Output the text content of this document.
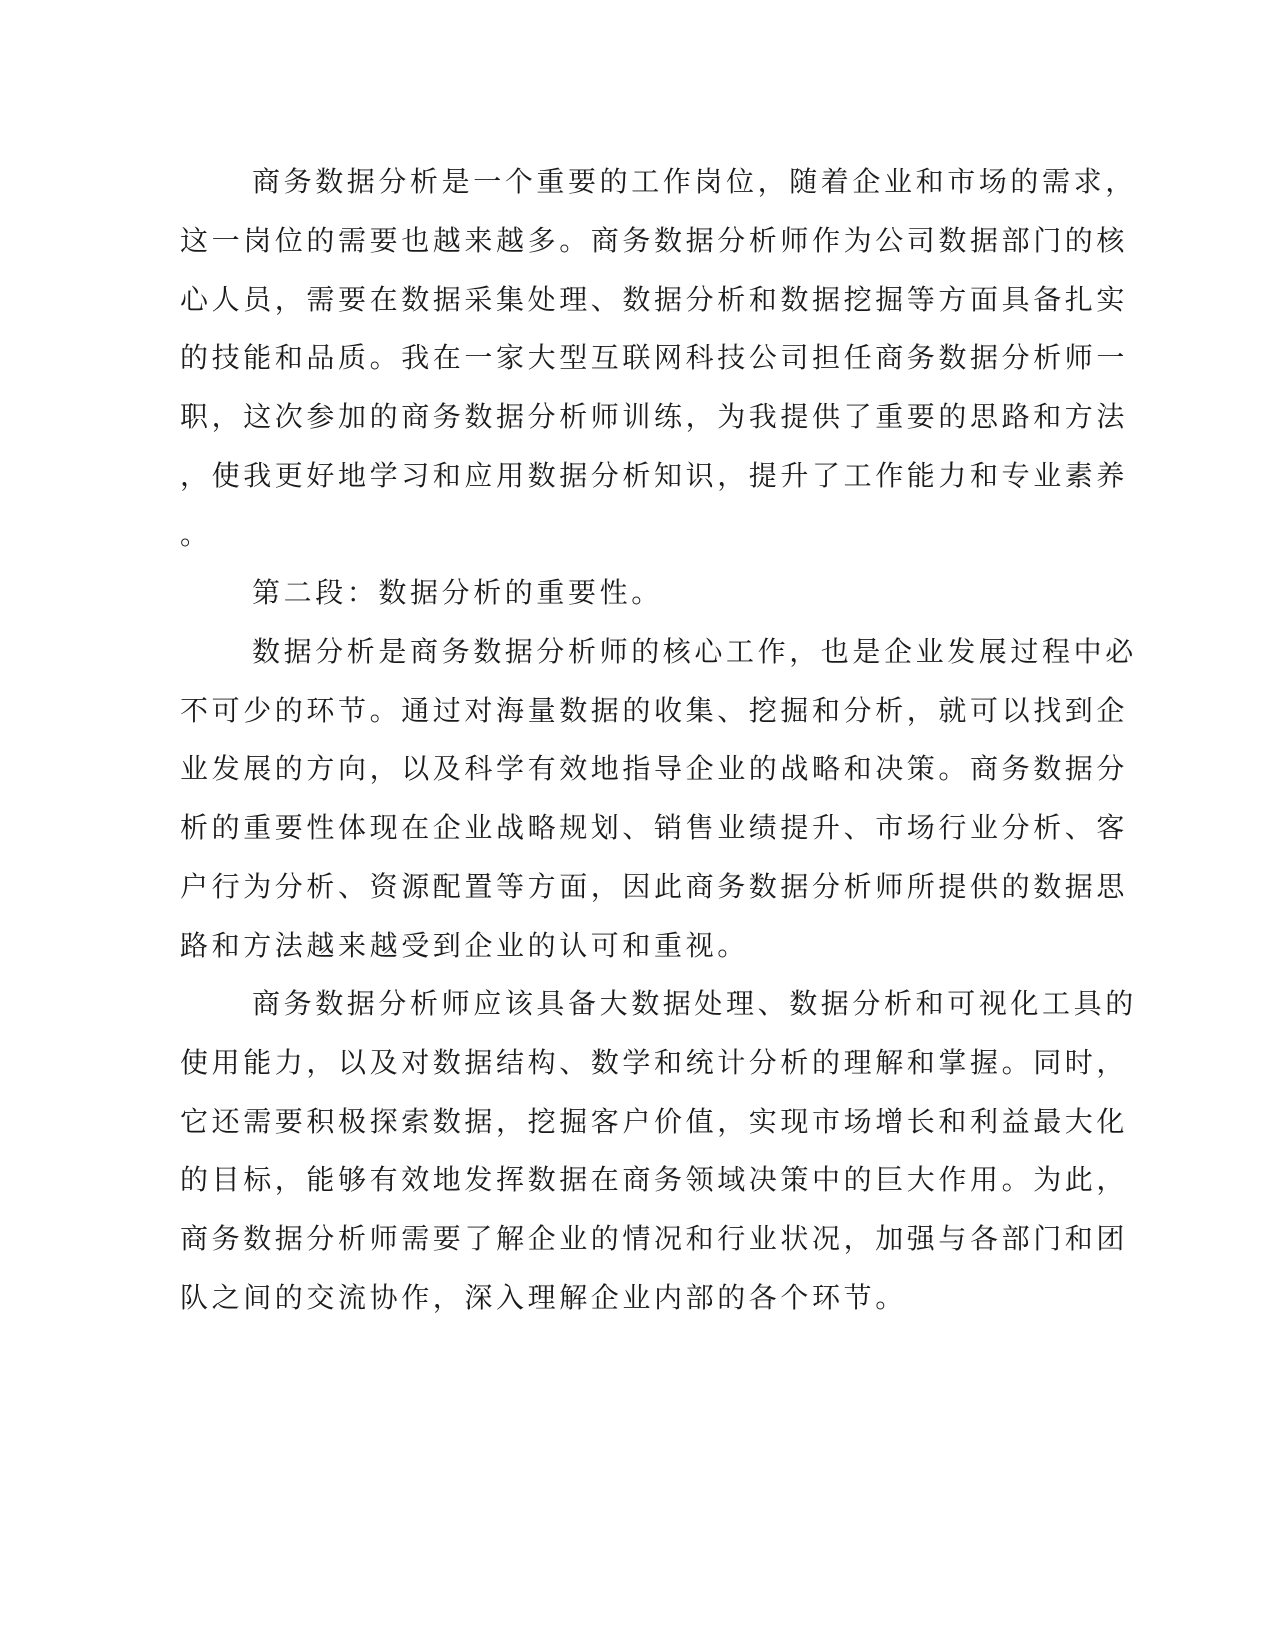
商务数据分析是一个重要的工作岗位，随着企业和市场的需求，
这一岗位的需要也越来越多。商务数据分析师作为公司数据部门的核
心人员，需要在数据采集处理、数据分析和数据挖掘等方面具备扎实
的技能和品质。我在一家大型互联网科技公司担任商务数据分析师一
职，这次参加的商务数据分析师训练，为我提供了重要的思路和方法
，使我更好地学习和应用数据分析知识，提升了工作能力和专业素养
。
第二段：数据分析的重要性。
数据分析是商务数据分析师的核心工作，也是企业发展过程中必
不可少的环节。通过对海量数据的收集、挖掘和分析，就可以找到企
业发展的方向，以及科学有效地指导企业的战略和决策。商务数据分
析的重要性体现在企业战略规划、销售业绩提升、市场行业分析、客
户行为分析、资源配置等方面，因此商务数据分析师所提供的数据思
路和方法越来越受到企业的认可和重视。
商务数据分析师应该具备大数据处理、数据分析和可视化工具的
使用能力，以及对数据结构、数学和统计分析的理解和掌握。同时，
它还需要积极探索数据，挖掘客户价值，实现市场增长和利益最大化
的目标，能够有效地发挥数据在商务领域决策中的巨大作用。为此，
商务数据分析师需要了解企业的情况和行业状况，加强与各部门和团
队之间的交流协作，深入理解企业内部的各个环节。
